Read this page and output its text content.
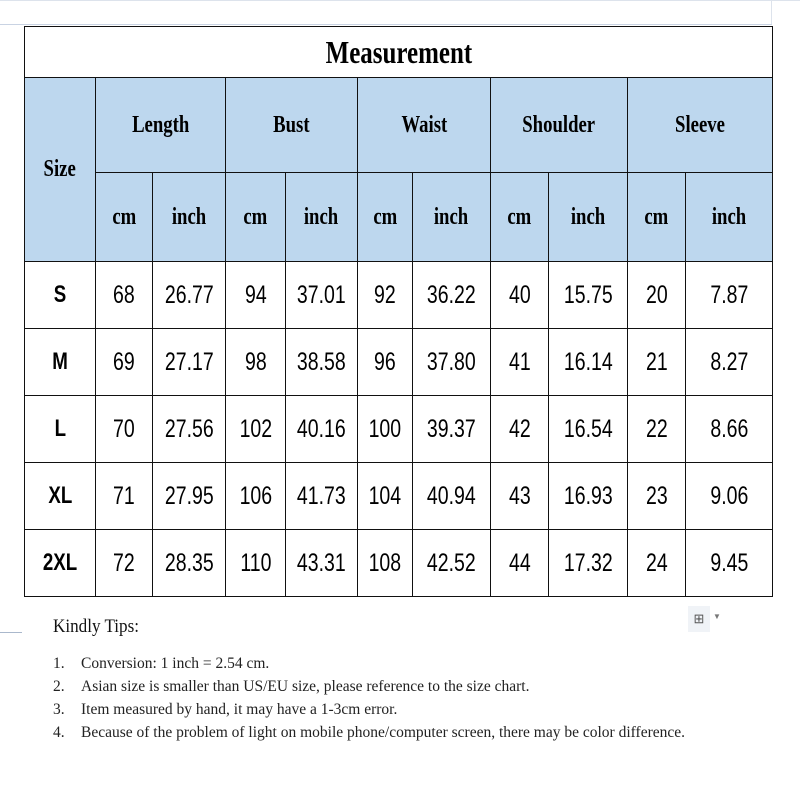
Measurement										
Size	Length		Bust		Waist		Shoulder		Sleeve	
	cm	inch	cm	inch	cm	inch	cm	inch	cm	inch
S	68	26.77	94	37.01	92	36.22	40	15.75	20	7.87
M	69	27.17	98	38.58	96	37.80	41	16.14	21	8.27
L	70	27.56	102	40.16	100	39.37	42	16.54	22	8.66
XL	71	27.95	106	41.73	104	40.94	43	16.93	23	9.06
2XL	72	28.35	110	43.31	108	42.52	44	17.32	24	9.45
Kindly Tips:
1.	Conversion: 1 inch = 2.54 cm.
2.	Asian size is smaller than US/EU size, please reference to the size chart.
3.	Item measured by hand, it may have a 1-3cm error.
4.	Because of the problem of light on mobile phone/computer screen, there may be color difference.
⊞	▼
